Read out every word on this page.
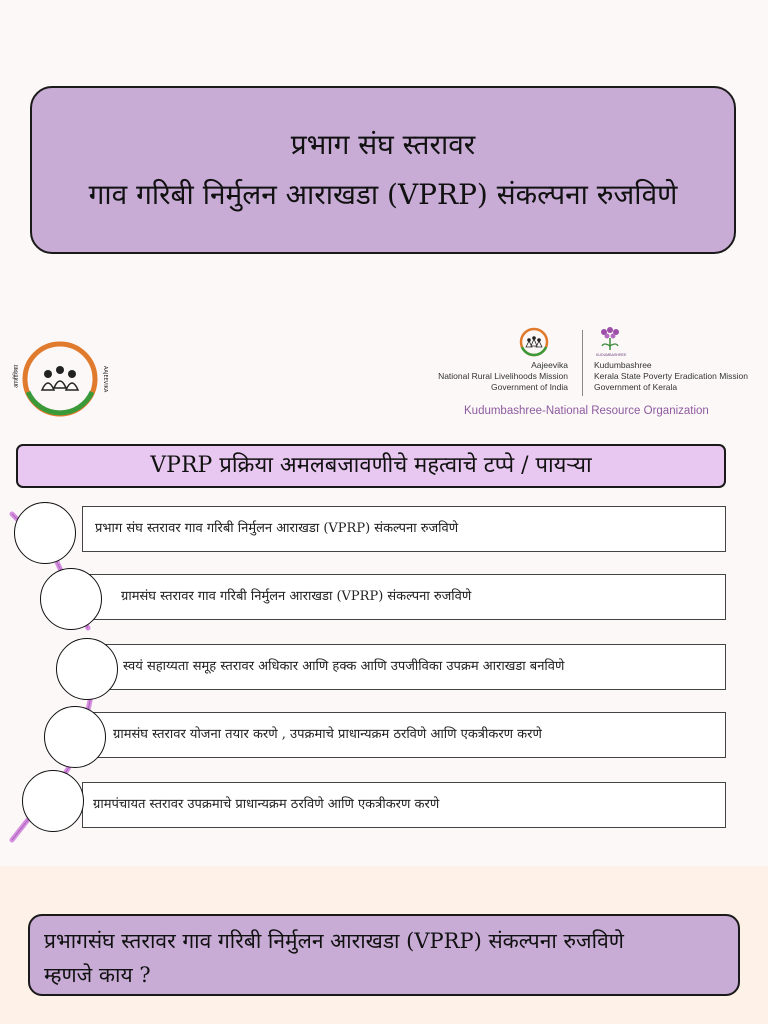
प्रभाग संघ स्तरावर
गाव गरिबी निर्मुलन आराखडा (VPRP) संकल्पना रुजविणे
आजीविका	AAJEEVIKA
KUDUMBASHREE
Aajeevika
National Rural Livelihoods Mission
Government of India
Kudumbashree
Kerala State Poverty Eradication Mission
Government of Kerala
Kudumbashree-National Resource Organization
VPRP प्रक्रिया अमलबजावणीचे महत्वाचे टप्पे / पायऱ्या
प्रभाग संघ स्तरावर गाव गरिबी निर्मुलन आराखडा (VPRP) संकल्पना रुजविणे
ग्रामसंघ स्तरावर गाव गरिबी निर्मुलन आराखडा (VPRP) संकल्पना रुजविणे
स्वयं सहाय्यता समूह स्तरावर अधिकार आणि हक्क आणि उपजीविका उपक्रम आराखडा बनविणे
ग्रामसंघ स्तरावर योजना तयार करणे , उपक्रमाचे प्राधान्यक्रम ठरविणे आणि एकत्रीकरण करणे
ग्रामपंचायत स्तरावर उपक्रमाचे प्राधान्यक्रम ठरविणे आणि एकत्रीकरण करणे
प्रभागसंघ स्तरावर गाव गरिबी निर्मुलन आराखडा (VPRP) संकल्पना रुजविणे
म्हणजे काय ?
